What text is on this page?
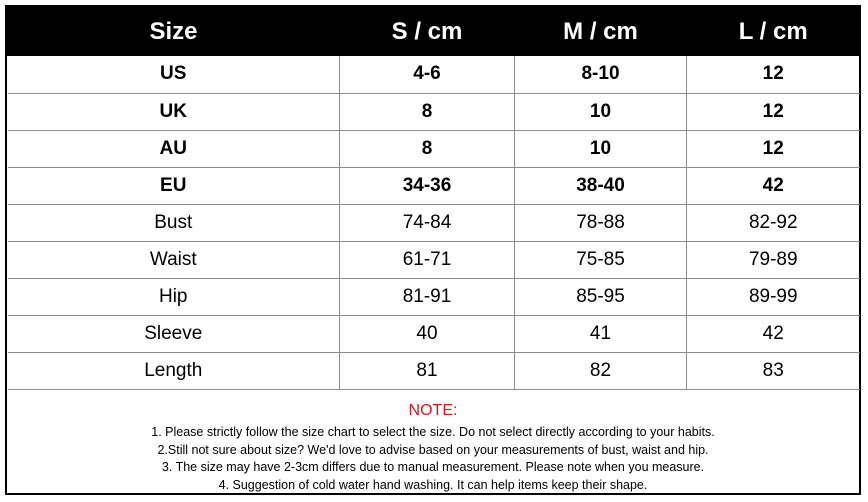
Size	S / cm	M / cm	L / cm
US	4-6	8-10	12
UK	8	10	12
AU	8	10	12
EU	34-36	38-40	42
Bust	74-84	78-88	82-92
Waist	61-71	75-85	79-89
Hip	81-91	85-95	89-99
Sleeve	40	41	42
Length	81	82	83
NOTE:
1. Please strictly follow the size chart to select the size. Do not select directly according to your habits.
2.Still not sure about size? We'd love to advise based on your measurements of bust, waist and hip.
3. The size may have 2-3cm differs due to manual measurement. Please note when you measure.
4. Suggestion of cold water hand washing. It can help items keep their shape.
